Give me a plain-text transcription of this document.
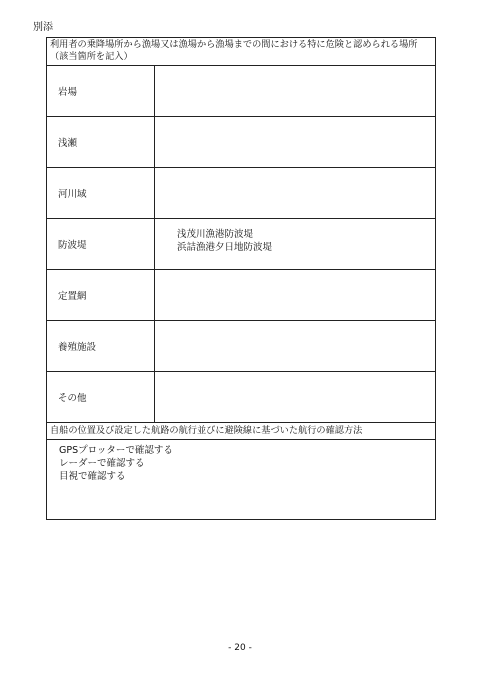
別添
利用者の乗降場所から漁場又は漁場から漁場までの間における特に危険と認められる場所（該当箇所を記入）
岩場
浅瀬
河川域
防波堤
浅茂川漁港防波堤
浜詰漁港夕日地防波堤
定置網
養殖施設
その他
自船の位置及び設定した航路の航行並びに避険線に基づいた航行の確認方法
GPSプロッターで確認する
レーダーで確認する
目視で確認する
- 20 -
